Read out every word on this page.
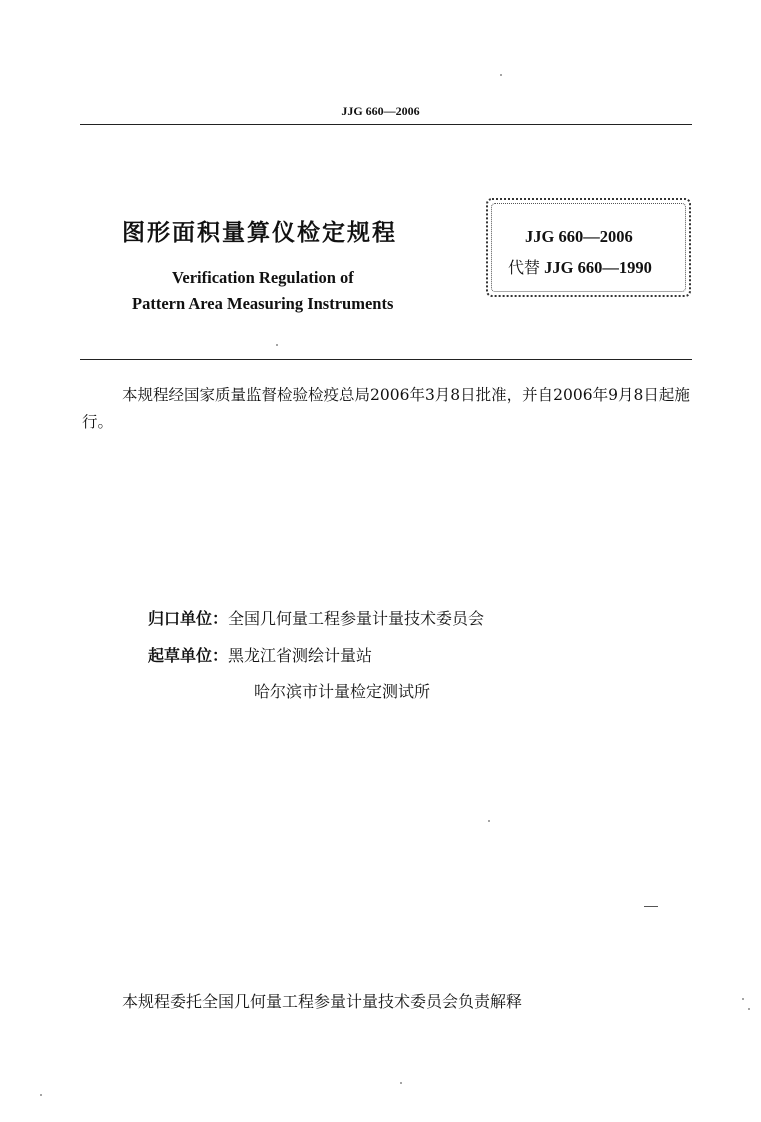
JJG 660—2006
图形面积量算仪检定规程
Verification Regulation of
Pattern Area Measuring Instruments
JJG 660—2006
代替 JJG 660—1990
本规程经国家质量监督检验检疫总局2006年3月8日批准，并自2006年9月8日起施行。
归口单位：全国几何量工程参量计量技术委员会
起草单位：黑龙江省测绘计量站
哈尔滨市计量检定测试所
本规程委托全国几何量工程参量计量技术委员会负责解释
